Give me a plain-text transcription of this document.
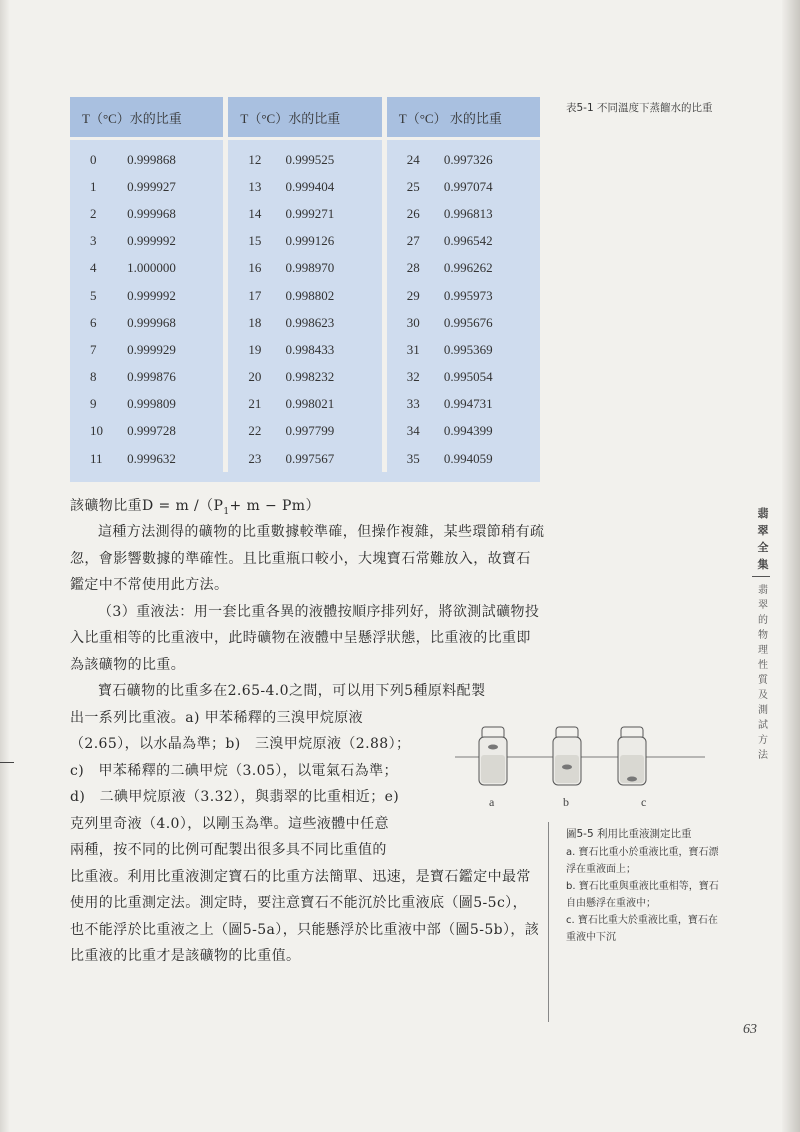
T（°C）水的比重			T（°C）水的比重			T（°C） 水的比重	
0	0.999868		12	0.999525		24	0.997326
1	0.999927		13	0.999404		25	0.997074
2	0.999968		14	0.999271		26	0.996813
3	0.999992		15	0.999126		27	0.996542
4	1.000000		16	0.998970		28	0.996262
5	0.999992		17	0.998802		29	0.995973
6	0.999968		18	0.998623		30	0.995676
7	0.999929		19	0.998433		31	0.995369
8	0.999876		20	0.998232		32	0.995054
9	0.999809		21	0.998021		33	0.994731
10	0.999728		22	0.997799		34	0.994399
11	0.999632		23	0.997567		35	0.994059
表5-1 不同溫度下蒸餾水的比重
該礦物比重D = m $/(P_1+ m - Pm)$

這種方法測得的礦物的比重數據較準確，但操作複雜，某些環節稍有疏忽，會影響數據的準確性。且比重瓶口較小，大塊寶石常難放入，故寶石鑑定中不常使用此方法。

（3）重液法：用一套比重各異的液體按順序排列好，將欲測試礦物投入比重相等的比重液中，此時礦物在液體中呈懸浮狀態，比重液的比重即為該礦物的比重。

寶石礦物的比重多在2.65-4.0之間，可以用下列5種原料配製
出一系列比重液。a) 甲苯稀釋的三溴甲烷原液
（2.65），以水晶為準；b)　三溴甲烷原液（2.88）；
c)　甲苯稀釋的二碘甲烷（3.05），以電氣石為準；
d)　二碘甲烷原液（3.32），與翡翠的比重相近；e)
克列里奇液（4.0），以剛玉為準。這些液體中任意
兩種，按不同的比例可配製出很多具不同比重值的

比重液。利用比重液測定寶石的比重方法簡單、迅速，是寶石鑑定中最常使用的比重測定法。測定時，要注意寶石不能沉於比重液底（圖5-5c），也不能浮於比重液之上（圖5-5a），只能懸浮於比重液中部（圖5-5b），該比重液的比重才是該礦物的比重值。

翡翠全集
翡翠的物理性質及測試方法
a	b	c
圖5-5 利用比重液測定比重

a. 寶石比重小於重液比重，寶石漂浮在重液面上；

b. 寶石比重與重液比重相等，寶石自由懸浮在重液中；

c. 寶石比重大於重液比重，寶石在重液中下沉

63
